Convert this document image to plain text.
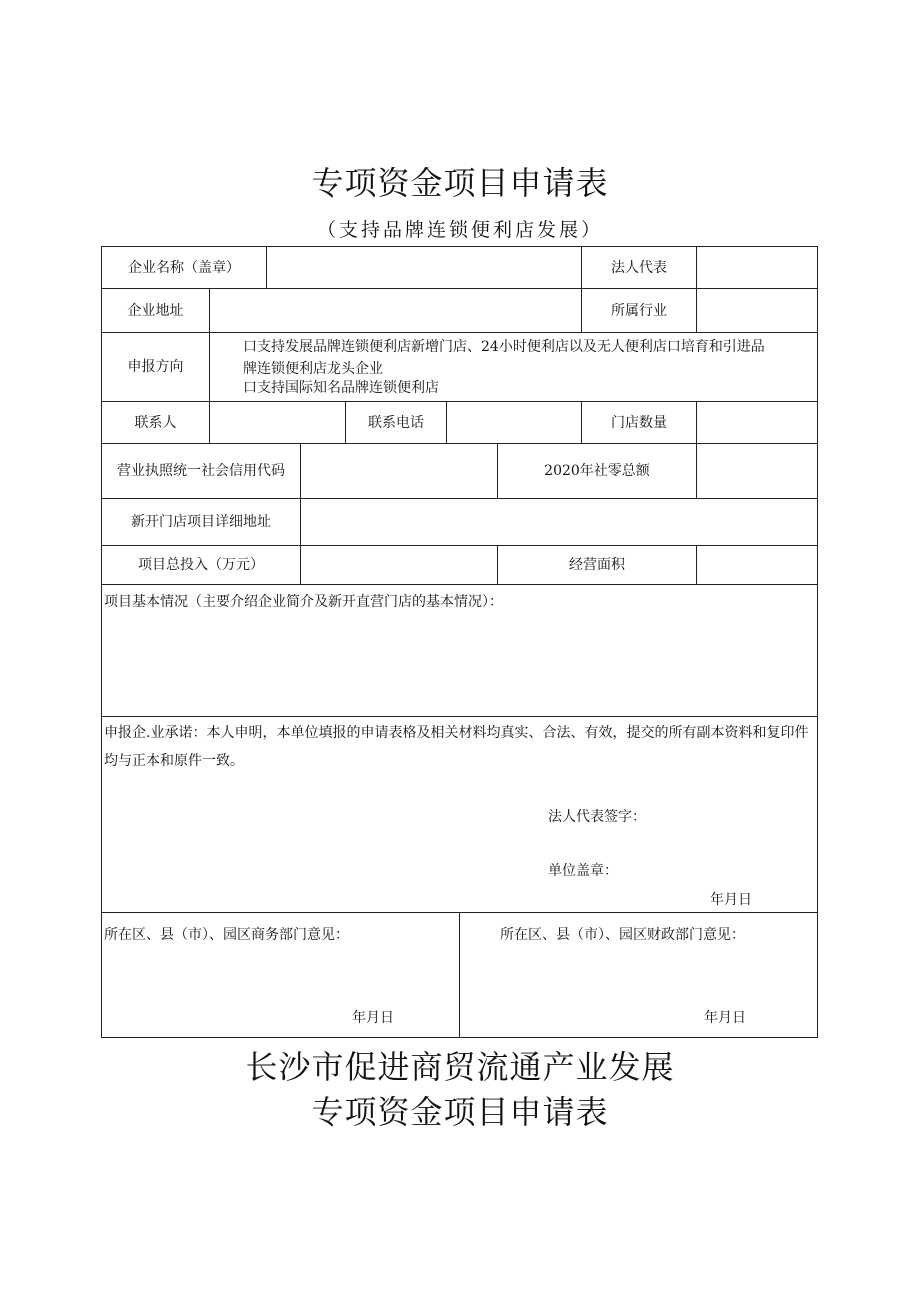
专项资金项目申请表
（支持品牌连锁便利店发展）
企业名称（盖章）	法人代表
企业地址	所属行业
申报方向
口支持发展品牌连锁便利店新增门店、24小时便利店以及无人便利店口培育和引进品
牌连锁便利店龙头企业
口支持国际知名品牌连锁便利店
联系人	联系电话	门店数量
营业执照统一社会信用代码	2020年社零总额
新开门店项目详细地址
项目总投入（万元）	经营面积
项目基本情况（主要介绍企业简介及新开直营门店的基本情况）：
申报企.业承诺：本人申明，本单位填报的申请表格及相关材料均真实、合法、有效，提交的所有副本资料和复印件均与正本和原件一致。
法人代表签字：
单位盖章：
年月日
所在区、县（市）、园区商务部门意见：
年月日
所在区、县（市）、园区财政部门意见：
年月日
长沙市促进商贸流通产业发展
专项资金项目申请表
